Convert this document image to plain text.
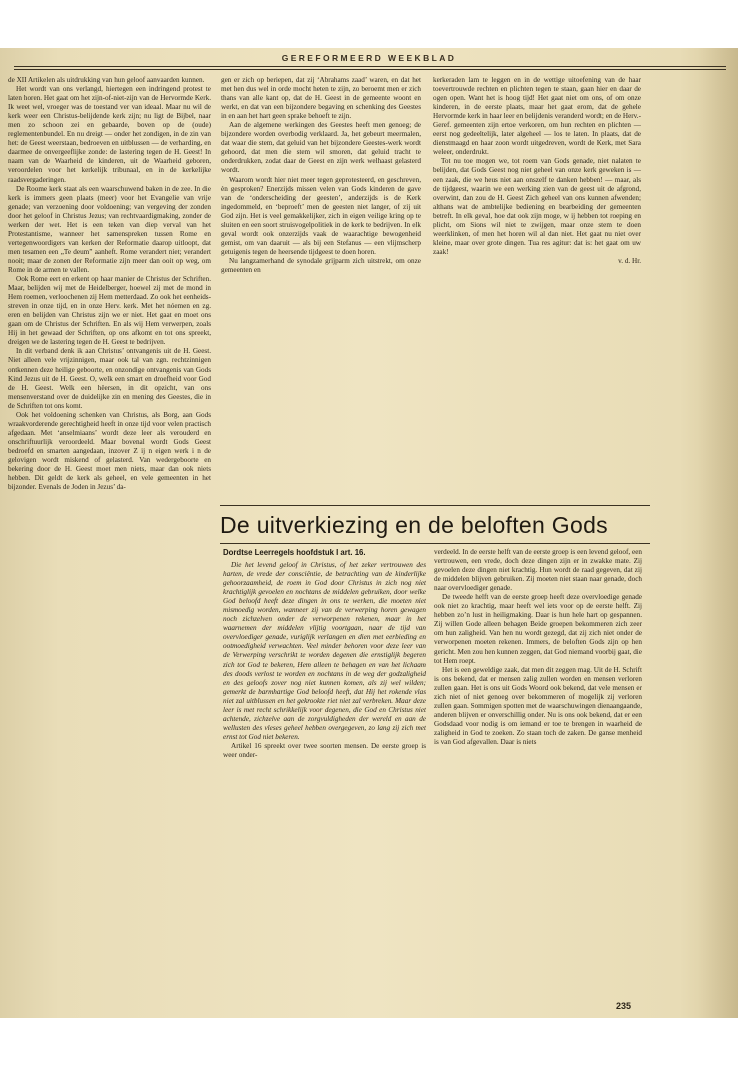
GEREFORMEERD WEEKBLAD

de XII Artikelen als uitdrukking van hun geloof aanvaarden kunnen.

Het wordt van ons verlangd, hiertegen een indringend protest te laten horen. Het gaat om het zijn-of-niet-zijn van de Hervormde Kerk. Ik weet wel, vroeger was de toestand ver van ideaal. Maar nu wil de kerk weer een Christus-belijdende kerk zijn; nu ligt de Bijbel, naar men zo schoon zei en gebaarde, boven op de (oude) reglementenbundel. En nu dreigt — onder het zondigen, in de zin van het: de Geest weerstaan, bedroeven en uitblussen — de verharding, en daarmee de onvergeeflijke zonde: de lastering tegen de H. Geest! In naam van de Waarheid de kinderen, uit de Waarheid geboren, veroordelen voor het kerkelijk tribunaal, en in de kerkelijke raadsvergaderingen.

De Roome kerk staat als een waarschuwend baken in de zee. In die kerk is immers geen plaats (meer) voor het Evangelie van vrije genade; van verzoening door voldoening; van vergeving der zonden door het geloof in Christus Jezus; van rechtvaardigmaking, zonder de werken der wet. Het is een teken van diep verval van het Protestantisme, wanneer het samenspreken tussen Rome en vertegenwoordigers van kerken der Reformatie daarop uitloopt, dat men tesamen een „Te deum” aanheft. Rome verandert niet; verandert nooit; maar de zonen der Reformatie zijn meer dan ooit op weg, om Rome in de armen te vallen.

Ook Rome eert en erkent op haar manier de Christus der Schriften. Maar, belijden wij met de Heidelberger, hoewel zij met de mond in Hem roemen, verloochenen zij Hem metterdaad. Zo ook het eenheids-streven in onze tijd, en in onze Herv. kerk. Met het nóemen en zg. eren en belijden van Christus zijn we er niet. Het gaat en moet ons gaan om de Christus der Schriften. En als wij Hem verwerpen, zoals Hij in het gewaad der Schriften, op ons afkomt en tot ons spreekt, dreigen we de lastering tegen de H. Geest te bedrijven.

In dit verband denk ik aan Christus’ ontvangenis uit de H. Geest. Niet alleen vele vrijzinnigen, maar ook tal van zgn. rechtzinnigen ontkennen deze heilige geboorte, en onzondige ontvangenis van Gods Kind Jezus uit de H. Geest. O, welk een smart en droefheid voor God de H. Geest. Welk een hëersen, in dit opzicht, van ons mensenverstand over de duidelijke zin en mening des Geestes, die in de Schriften tot ons komt.

Ook het voldoening schenken van Christus, als Borg, aan Gods wraakvorderende gerechtigheid heeft in onze tijd voor velen practisch afgedaan. Met ‘anselmiaans’ wordt deze leer als verouderd en onschriftuurlijk veroordeeld. Maar bovenal wordt Gods Geest bedroefd en smarten aangedaan, inzover Z ij n eigen werk i n de gelovigen wordt miskend of gelasterd. Van wedergeboorte en bekering door de H. Geest moet men niets, maar dan ook niets hebben. Dit geldt de kerk als geheel, en vele gemeenten in het bijzonder. Evenals de Joden in Jezus’ da-

gen er zich op beriepen, dat zij ‘Abrahams zaad’ waren, en dat het met hen dus wel in orde mocht heten te zijn, zo beroemt men er zich thans van alle kant op, dat de H. Geest in de gemeente woont en werkt, en dat van een bijzondere begaving en schenking des Geestes in en aan het hart geen sprake behoeft te zijn.

Aan de algemene werkingen des Geestes heeft men genoeg; de bijzondere worden overbodig verklaard. Ja, het gebeurt meermalen, dat waar die stem, dat geluid van het bijzondere Geestes-werk wordt gehoord, dat men die stem wil smoren, dat geluid tracht te onderdrukken, zodat daar de Geest en zijn werk welhaast gelasterd wordt.

Waarom wordt hier niet meer tegen geprotesteerd, en geschreven, èn gesproken? Enerzijds missen velen van Gods kinderen de gave van de ‘onderscheiding der geesten’, anderzijds is de Kerk ingedommeld, en ‘beproeft’ men de geesten niet langer, of zij uit God zijn. Het is veel gemakkelijker, zich in eigen veilige kring op te sluiten en een soort struisvogelpolitiek in de kerk te bedrijven. In elk geval wordt ook onzerzijds vaak de waarachtige bewogenheid gemist, om van daaruit — als bij een Stefanus — een vlijmscherp getuigenis tegen de heersende tijdgeest te doen horen.

Nu langzamerhand de synodale grijparm zich uitstrekt, om onze gemeenten en

kerkeraden lam te leggen en in de wettige uitoefening van de haar toevertrouwde rechten en plichten tegen te staan, gaan hier en daar de ogen open. Want het is hoog tijd! Het gaat niet om ons, of om onze kinderen, in de eerste plaats, maar het gaat erom, dat de gehele Hervormde kerk in haar leer en belijdenis veranderd wordt; en de Herv.-Geref. gemeenten zijn ertoe verkoren, om hun rechten en plichten — eerst nog gedeeltelijk, later algeheel — los te laten. In plaats, dat de dienstmaagd en haar zoon wordt uitgedreven, wordt de Kerk, met Sara weleer, onderdrukt.

Tot nu toe mogen we, tot roem van Gods genade, niet nalaten te belijden, dat Gods Geest nog niet geheel van onze kerk geweken is — een zaak, die we heus niet aan onszelf te danken hebben! — maar, als de tijdgeest, waarin we een werking zien van de geest uit de afgrond, overwint, dan zou de H. Geest Zich geheel van ons kunnen afwenden; althans wat de ambtelijke bediening en bearbeiding der gemeenten betreft. In elk geval, hoe dat ook zijn moge, w ij hebben tot roeping en plicht, om Sions wil niet te zwijgen, maar onze stem te doen weerklinken, of men het horen wil al dan niet. Het gaat nu niet over kleine, maar over grote dingen. Tua res agitur: dat is: het gaat om uw zaak!

v. d. Hr.

De uitverkiezing en de beloften Gods
Dordtse Leerregels hoofdstuk I art. 16.

Die het levend geloof in Christus, of het zeker vertrouwen des harten, de vrede der consciëntie, de betrachting van de kinderlijke gehoorzaamheid, de roem in God door Christus in zich nog niet krachtiglijk gevoelen en nochtans de middelen gebruiken, door welke God beloofd heeft deze dingen in ons te werken, die moeten niet mismoedig worden, wanneer zij van de verwerping horen gewagen noch zichzelven onder de verworpenen rekenen, maar in het waarnemen der middelen vlijtig voortgaan, naar de tijd van overvloediger genade, vuriglijk verlangen en dien met eerbieding en ootmoedigheid verwachten. Veel minder behoren voor deze leer van de Verwerping verschrikt te worden degenen die ernstiglijk begeren zich tot God te bekeren, Hem alleen te behagen en van het lichaam des doods verlost te worden en nochtans in de weg der godzaligheid en des geloofs zover nog niet kunnen komen, als zij wel wilden; gemerkt de barmhartige God beloofd heeft, dat Hij het rokende vlas niet zal uitblussen en het gekrookte riet niet zal verbreken. Maar deze leer is met recht schrikkelijk voor degenen, die God en Christus niet achtende, zichzelve aan de zorgvuldigheden der wereld en aan de wellusten des vleses geheel hebben overgegeven, zo lang zij zich met ernst tot God niet bekeren.

Artikel 16 spreekt over twee soorten mensen. De eerste groep is weer onder-

verdeeld. In de eerste helft van de eerste groep is een levend geloof, een vertrouwen, een vrede, doch deze dingen zijn er in zwakke mate. Zij gevoelen deze dingen niet krachtig. Hun wordt de raad gegeven, dat zij de middelen blijven gebruiken. Zij moeten niet staan naar genade, doch naar overvloediger genade.

De tweede helft van de eerste groep heeft deze overvloedige genade ook niet zo krachtig, maar heeft wel iets voor op de eerste helft. Zij hebben zo’n lust in heiligmaking. Daar is hun hele hart op gespannen. Zij willen Gode alleen behagen Beide groepen bekommeren zich zeer om hun zaligheid. Van hen nu wordt gezegd, dat zij zich niet onder de verworpenen moeten rekenen. Immers, de beloften Gods zijn op hen gericht. Men zou hen kunnen zeggen, dat God niemand voorbij gaat, die tot Hem roept.

Het is een geweldige zaak, dat men dit zeggen mag. Uit de H. Schrift is ons bekend, dat er mensen zalig zullen worden en mensen verloren zullen gaan. Het is ons uit Gods Woord ook bekend, dat vele mensen er zich niet of niet genoeg over bekommeren of mogelijk zij verloren zullen gaan. Sommigen spotten met de waarschuwingen dienaangaande, anderen blijven er onverschillig onder. Nu is ons ook bekend, dat er een Godsdaad voor nodig is om iemand er toe te brengen in waarheid de zaligheid in God te zoeken. Zo staan toch de zaken. De ganse menheid is van God afgevallen. Daar is niets

235
